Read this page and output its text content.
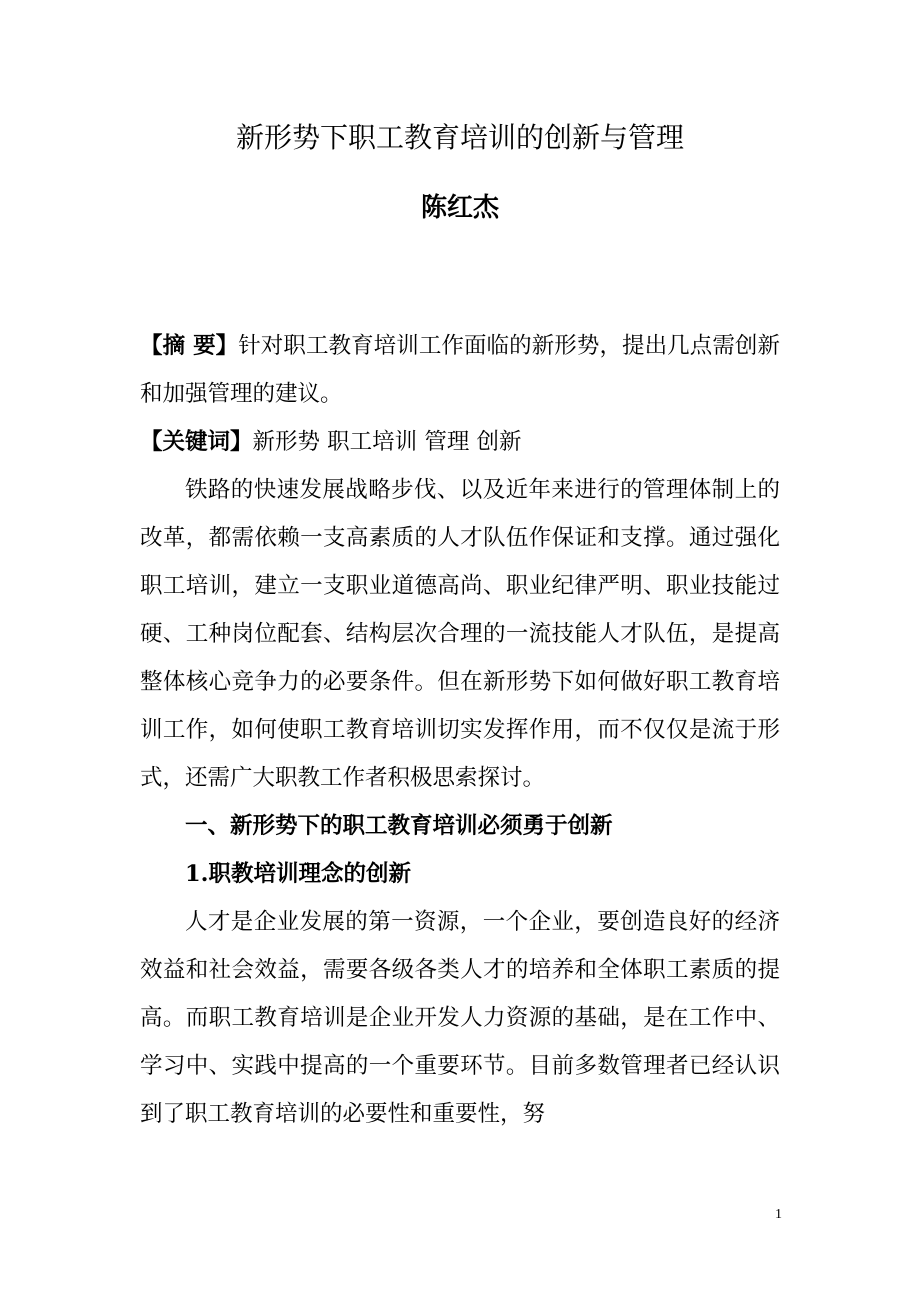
新形势下职工教育培训的创新与管理
陈红杰

【摘 要】针对职工教育培训工作面临的新形势，提出几点需创新和加强管理的建议。

【关键词】新形势 职工培训 管理 创新

铁路的快速发展战略步伐、以及近年来进行的管理体制上的改革，都需依赖一支高素质的人才队伍作保证和支撑。通过强化职工培训，建立一支职业道德高尚、职业纪律严明、职业技能过硬、工种岗位配套、结构层次合理的一流技能人才队伍，是提高整体核心竞争力的必要条件。但在新形势下如何做好职工教育培训工作，如何使职工教育培训切实发挥作用，而不仅仅是流于形式，还需广大职教工作者积极思索探讨。

一、新形势下的职工教育培训必须勇于创新

1.职教培训理念的创新

人才是企业发展的第一资源，一个企业，要创造良好的经济效益和社会效益，需要各级各类人才的培养和全体职工素质的提高。而职工教育培训是企业开发人力资源的基础，是在工作中、学习中、实践中提高的一个重要环节。目前多数管理者已经认识到了职工教育培训的必要性和重要性，努

1
